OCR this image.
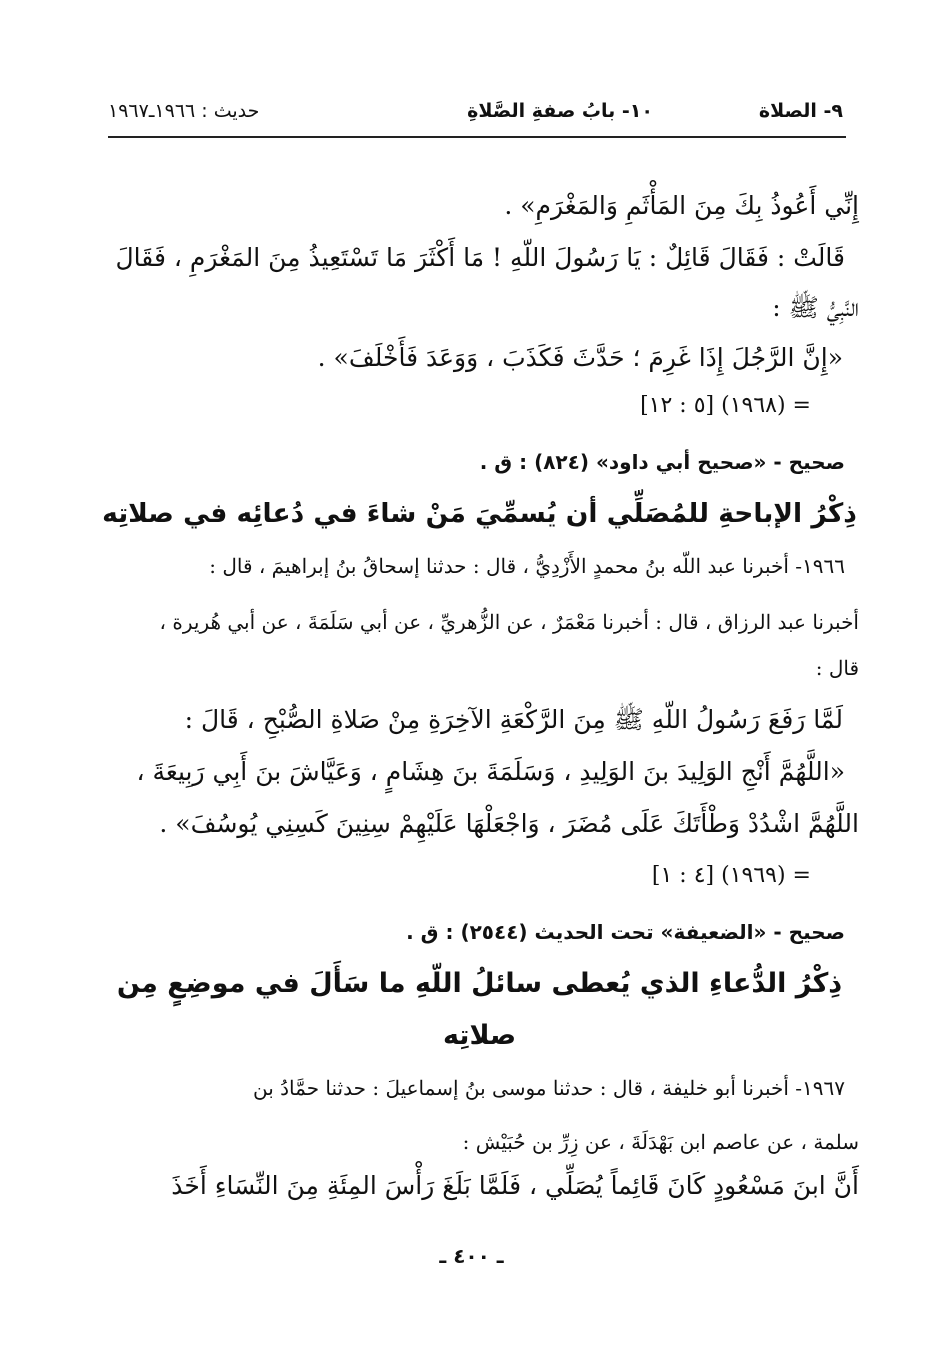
٩- الصلاة
١٠- بابُ صفةِ الصَّلاةِ
حديث : ١٩٦٦ـ١٩٦٧
إِنِّي أَعُوذُ بِكَ مِنَ المَأْثَمِ وَالمَغْرَمِ» .
قَالَتْ : فَقَالَ قَائِلٌ : يَا رَسُولَ اللّهِ ! مَا أَكْثَرَ مَا تَسْتَعِيذُ مِنَ المَغْرَمِ ، فَقَالَ
النَّبِيُّ ﷺ :
«إِنَّ الرَّجُلَ إِذَا غَرِمَ ؛ حَدَّثَ فَكَذَبَ ، وَوَعَدَ فَأَخْلَفَ» .
= (١٩٦٨) [٥ : ١٢]
صحيح - «صحيح أبي داود» (٨٢٤) : ق .
ذِكْرُ الإباحةِ للمُصَلِّي أن يُسمِّيَ مَنْ شاءَ في دُعائِه في صلاتِه
١٩٦٦- أخبرنا عبد اللّه بنُ محمدٍ الأَزْدِيُّ ، قال : حدثنا إسحاقُ بنُ إبراهيمَ ، قال :
أخبرنا عبد الرزاق ، قال : أخبرنا مَعْمَرٌ ، عن الزُّهريِّ ، عن أبي سَلَمَةَ ، عن أبي هُريرة ،
قال :
لَمَّا رَفَعَ رَسُولُ اللّهِ ﷺ مِنَ الرَّكْعَةِ الآخِرَةِ مِنْ صَلاةِ الصُّبْحِ ، قَالَ :
«اللَّهُمَّ أَنْجِ الوَلِيدَ بنَ الوَلِيدِ ، وَسَلَمَةَ بنَ هِشَامٍ ، وَعَيَّاشَ بنَ أَبِي رَبِيعَةَ ،
اللَّهُمَّ اشْدُدْ وَطْأَتَكَ عَلَى مُضَرَ ، وَاجْعَلْهَا عَلَيْهِمْ سِنِينَ كَسِنِي يُوسُفَ» .
= (١٩٦٩) [٤ : ١]
صحيح - «الضعيفة» تحت الحديث (٢٥٤٤) : ق .
ذِكْرُ الدُّعاءِ الذي يُعطى سائلُ اللّهِ ما سَأَلَ في موضِعٍ مِن
صلاتِه
١٩٦٧- أخبرنا أبو خليفة ، قال : حدثنا موسى بنُ إسماعيلَ : حدثنا حمَّادُ بن
سلمة ، عن عاصم ابن بَهْدَلَةَ ، عن زِرِّ بن حُبَيْش :
أَنَّ ابنَ مَسْعُودٍ كَانَ قَائِماً يُصَلِّي ، فَلَمَّا بَلَغَ رَأْسَ المِئَةِ مِنَ النِّسَاءِ أَخَذَ
ـ ٤٠٠ ـ
